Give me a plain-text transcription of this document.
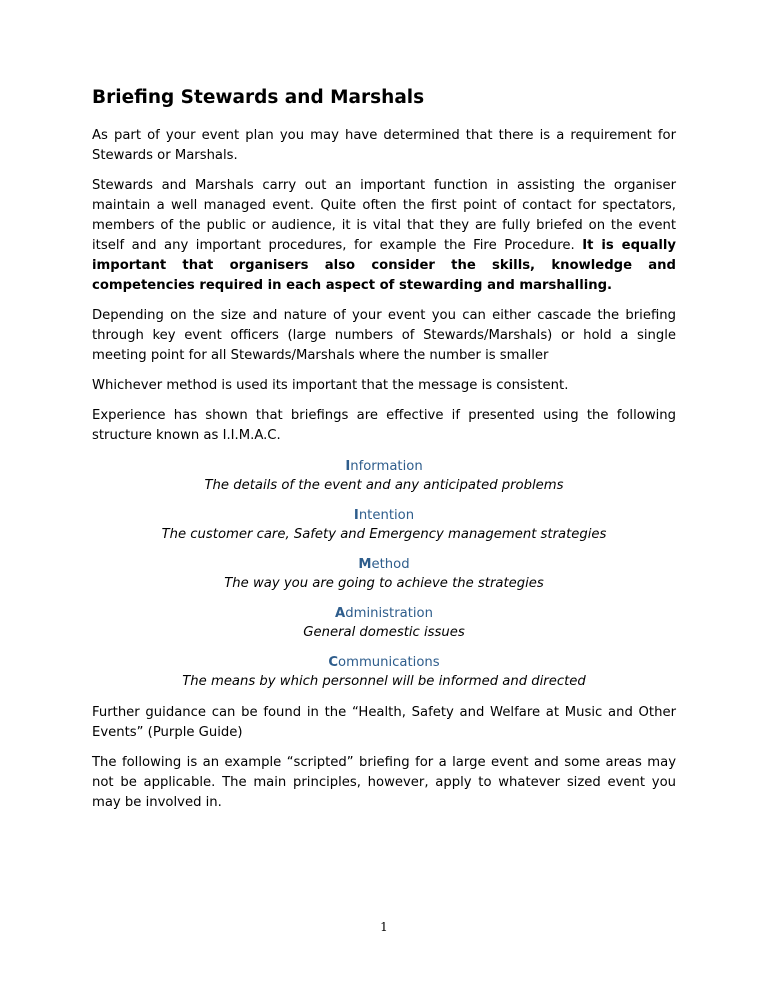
Briefing Stewards and Marshals

As part of your event plan you may have determined that there is a requirement for Stewards or Marshals.

Stewards and Marshals carry out an important function in assisting the organiser maintain a well managed event. Quite often the first point of contact for spectators, members of the public or audience, it is vital that they are fully briefed on the event itself and any important procedures, for example the Fire Procedure. It is equally important that organisers also consider the skills, knowledge and competencies required in each aspect of stewarding and marshalling.

Depending on the size and nature of your event you can either cascade the briefing through key event officers (large numbers of Stewards/Marshals) or hold a single meeting point for all Stewards/Marshals where the number is smaller

Whichever method is used its important that the message is consistent.

Experience has shown that briefings are effective if presented using the following structure known as I.I.M.A.C.

Information
The details of the event and any anticipated problems
Intention
The customer care, Safety and Emergency management strategies
Method
The way you are going to achieve the strategies
Administration
General domestic issues
Communications
The means by which personnel will be informed and directed

Further guidance can be found in the “Health, Safety and Welfare at Music and Other Events” (Purple Guide)

The following is an example “scripted” briefing for a large event and some areas may not be applicable. The main principles, however, apply to whatever sized event you may be involved in.

1
